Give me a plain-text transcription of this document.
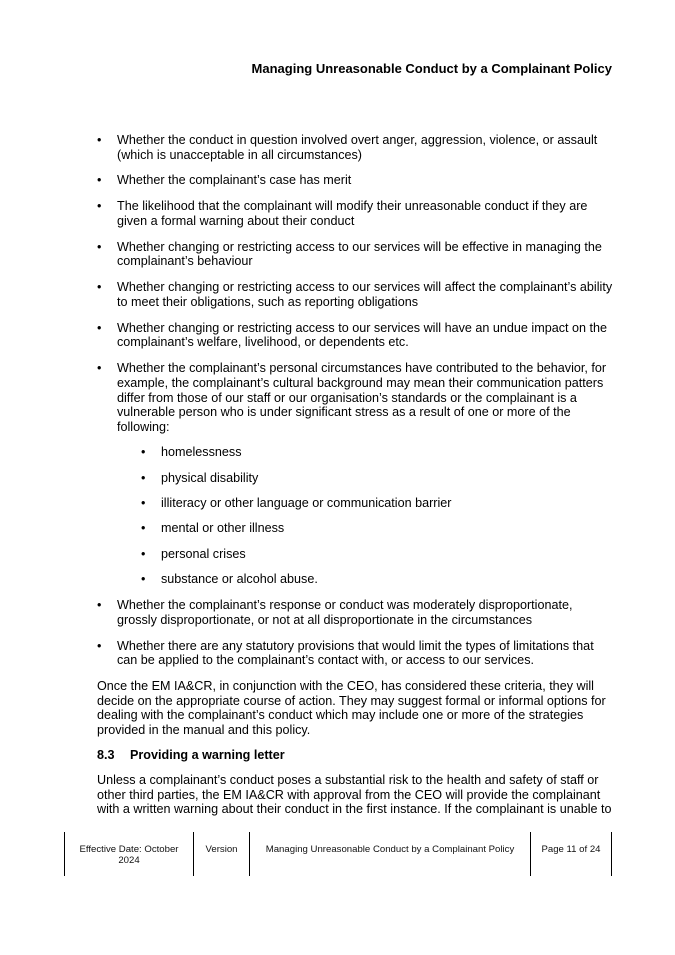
Managing Unreasonable Conduct by a Complainant Policy
•	Whether the conduct in question involved overt anger, aggression, violence, or assault (which is unacceptable in all circumstances)
•	Whether the complainant’s case has merit
•	The likelihood that the complainant will modify their unreasonable conduct if they are given a formal warning about their conduct
•	Whether changing or restricting access to our services will be effective in managing the complainant’s behaviour
•	Whether changing or restricting access to our services will affect the complainant’s ability to meet their obligations, such as reporting obligations
•	Whether changing or restricting access to our services will have an undue impact on the complainant’s welfare, livelihood, or dependents etc.
•	Whether the complainant’s personal circumstances have contributed to the behavior, for example, the complainant’s cultural background may mean their communication patters differ from those of our staff or our organisation’s standards or the complainant is a vulnerable person who is under significant stress as a result of one or more of the following:
•	homelessness
•	physical disability
•	illiteracy or other language or communication barrier
•	mental or other illness
•	personal crises
•	substance or alcohol abuse.
•	Whether the complainant’s response or conduct was moderately disproportionate, grossly disproportionate, or not at all disproportionate in the circumstances
•	Whether there are any statutory provisions that would limit the types of limitations that can be applied to the complainant’s contact with, or access to our services.

Once the EM IA&CR, in conjunction with the CEO, has considered these criteria, they will decide on the appropriate course of action. They may suggest formal or informal options for dealing with the complainant’s conduct which may include one or more of the strategies provided in the manual and this policy.

8.3 Providing a warning letter

Unless a complainant’s conduct poses a substantial risk to the health and safety of staff or other third parties, the EM IA&CR with approval from the CEO will provide the complainant with a written warning about their conduct in the first instance. If the complainant is unable to

Effective Date: October 2024
Version	Managing Unreasonable Conduct by a Complainant Policy	Page 11 of 24
